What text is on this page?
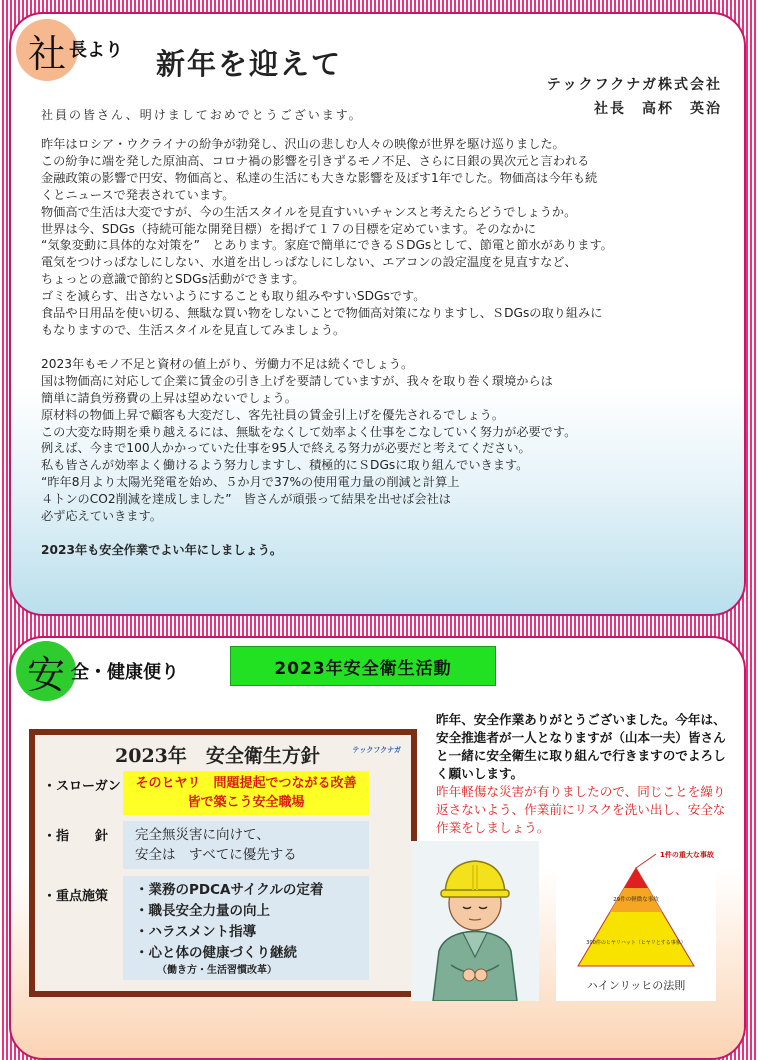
社 長より 新年を迎えて
テックフクナガ株式会社
社長　高杯　英治
社員の皆さん、明けましておめでとうございます。
昨年はロシア・ウクライナの紛争が勃発し、沢山の悲しむ人々の映像が世界を駆け巡りました。
この紛争に端を発した原油高、コロナ禍の影響を引きずるモノ不足、さらに日銀の異次元と言われる
金融政策の影響で円安、物価高と、私達の生活にも大きな影響を及ぼす1年でした。物価高は今年も続
くとニュースで発表されています。
物価高で生活は大変ですが、今の生活スタイルを見直すいいチャンスと考えたらどうでしょうか。
世界は今、SDGs（持続可能な開発目標）を掲げて１７の目標を定めています。そのなかに
“気象変動に具体的な対策を”　とあります。家庭で簡単にできるＳDGsとして、節電と節水があります。
電気をつけっぱなしにしない、水道を出しっぱなしにしない、エアコンの設定温度を見直すなど、
ちょっとの意識で節約とSDGs活動ができます。
ゴミを減らす、出さないようにすることも取り組みやすいSDGsです。
食品や日用品を使い切る、無駄な買い物をしないことで物価高対策になりますし、ＳDGsの取り組みに
もなりますので、生活スタイルを見直してみましょう。
2023年もモノ不足と資材の値上がり、労働力不足は続くでしょう。
国は物価高に対応して企業に賃金の引き上げを要請していますが、我々を取り巻く環境からは
簡単に請負労務費の上昇は望めないでしょう。
原材料の物価上昇で顧客も大変だし、客先社員の賃金引上げを優先されるでしょう。
この大変な時期を乗り越えるには、無駄をなくして効率よく仕事をこなしていく努力が必要です。
例えば、今まで100人かかっていた仕事を95人で終える努力が必要だと考えてください。
私も皆さんが効率よく働けるよう努力しますし、積極的にＳDGsに取り組んでいきます。
“昨年8月より太陽光発電を始め、５か月で37%の使用電力量の削減と計算上
４トンのCO2削減を達成しました”　皆さんが頑張って結果を出せば会社は
必ず応えていきます。
2023年も安全作業でよい年にしましょう。
安 全・健康便り	2023年安全衛生活動
2023年　安全衛生方針	テックフクナガ
・スローガン	そのヒヤリ　問題提起でつながる改善
皆で築こう安全職場
・指　　針 完全無災害に向けて、
安全は　すべてに優先する
・重点施策 ・業務のPDCAサイクルの定着
・職長安全力量の向上
・ハラスメント指導
・心と体の健康づくり継続
（働き方・生活習慣改革）
昨年、安全作業ありがとうございました。今年は、安全推進者が一人となりますが（山本一夫）皆さんと一緒に安全衛生に取り組んで行きますのでよろしく願いします。
昨年軽傷な災害が有りましたので、同じことを繰り返さないよう、作業前にリスクを洗い出し、安全な作業をしましょう。
1件の重大な事故
29件の軽微な事故
300件のヒヤリハット（ヒヤリとする事象）
ハインリッヒの法則
